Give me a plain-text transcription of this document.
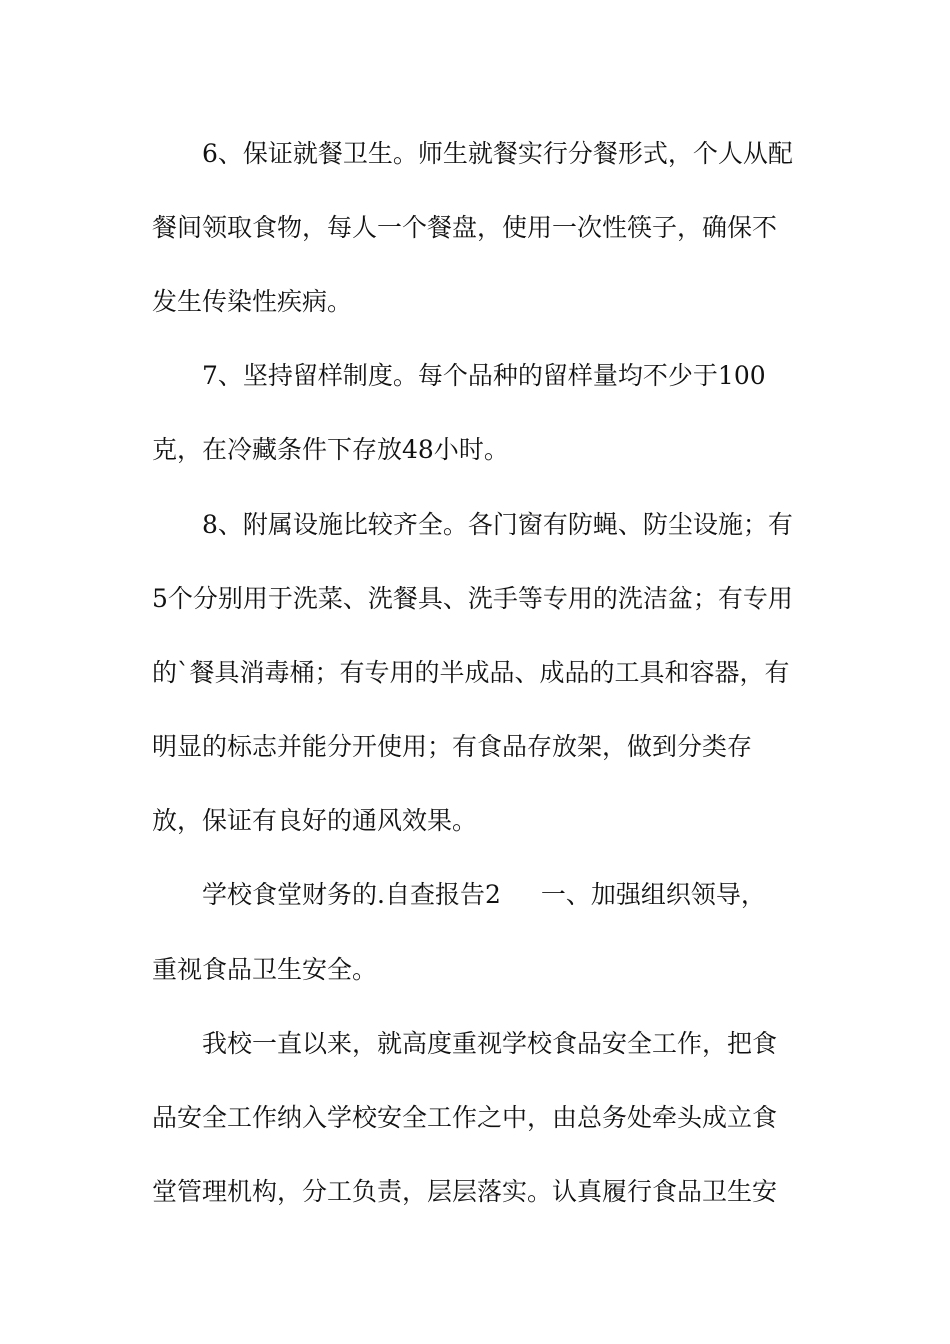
6、保证就餐卫生。师生就餐实行分餐形式，个人从配
餐间领取食物，每人一个餐盘，使用一次性筷子，确保不
发生传染性疾病。
7、坚持留样制度。每个品种的留样量均不少于100
克，在冷藏条件下存放48小时。
8、附属设施比较齐全。各门窗有防蝇、防尘设施；有
5个分别用于洗菜、洗餐具、洗手等专用的洗洁盆；有专用
的`餐具消毒桶；有专用的半成品、成品的工具和容器，有
明显的标志并能分开使用；有食品存放架，做到分类存
放，保证有良好的通风效果。
学校食堂财务的.自查报告2 一、加强组织领导，
重视食品卫生安全。
我校一直以来，就高度重视学校食品安全工作，把食
品安全工作纳入学校安全工作之中，由总务处牵头成立食
堂管理机构，分工负责，层层落实。认真履行食品卫生安
